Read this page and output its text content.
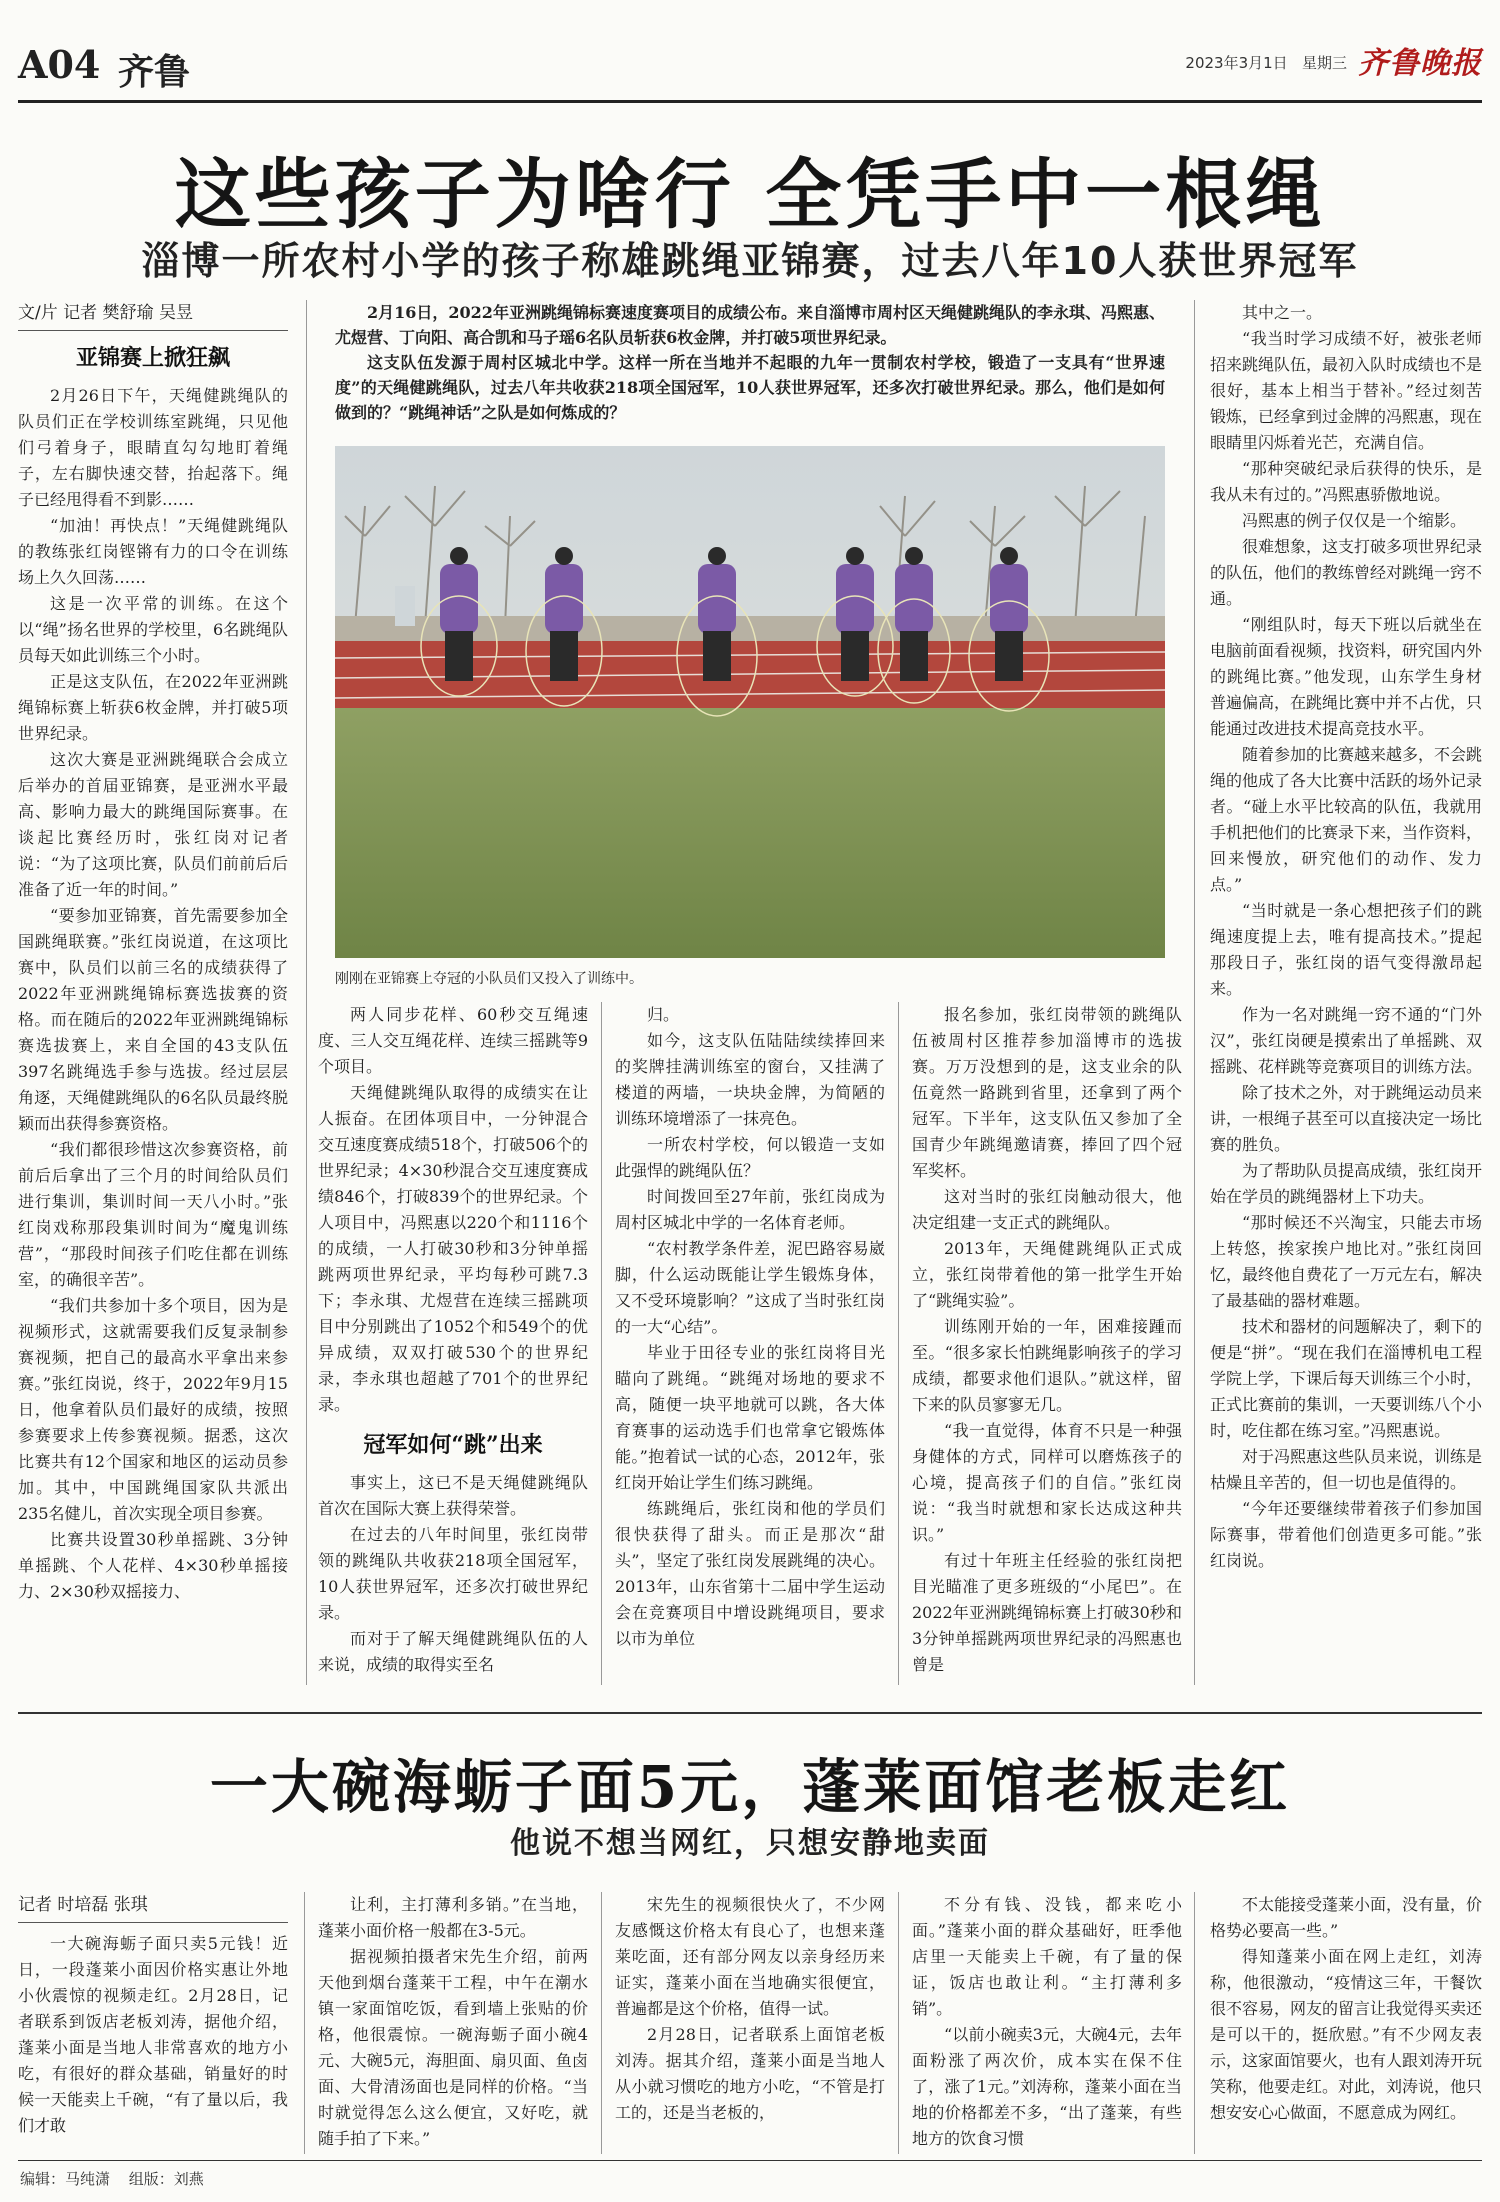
A04 齐鲁	2023年3月1日 星期三 齐鲁晚报
这些孩子为啥行 全凭手中一根绳
淄博一所农村小学的孩子称雄跳绳亚锦赛，过去八年10人获世界冠军
文/片 记者 樊舒瑜 吴昱
亚锦赛上掀狂飙

2月26日下午，天绳健跳绳队的队员们正在学校训练室跳绳，只见他们弓着身子，眼睛直勾勾地盯着绳子，左右脚快速交替，抬起落下。绳子已经甩得看不到影……

“加油！再快点！”天绳健跳绳队的教练张红岗铿锵有力的口令在训练场上久久回荡……

这是一次平常的训练。在这个以“绳”扬名世界的学校里，6名跳绳队员每天如此训练三个小时。

正是这支队伍，在2022年亚洲跳绳锦标赛上斩获6枚金牌，并打破5项世界纪录。

这次大赛是亚洲跳绳联合会成立后举办的首届亚锦赛，是亚洲水平最高、影响力最大的跳绳国际赛事。在谈起比赛经历时，张红岗对记者说：“为了这项比赛，队员们前前后后准备了近一年的时间。”

“要参加亚锦赛，首先需要参加全国跳绳联赛。”张红岗说道，在这项比赛中，队员们以前三名的成绩获得了2022年亚洲跳绳锦标赛选拔赛的资格。而在随后的2022年亚洲跳绳锦标赛选拔赛上，来自全国的43支队伍397名跳绳选手参与选拔。经过层层角逐，天绳健跳绳队的6名队员最终脱颖而出获得参赛资格。

“我们都很珍惜这次参赛资格，前前后后拿出了三个月的时间给队员们进行集训，集训时间一天八小时。”张红岗戏称那段集训时间为“魔鬼训练营”，“那段时间孩子们吃住都在训练室，的确很辛苦”。

“我们共参加十多个项目，因为是视频形式，这就需要我们反复录制参赛视频，把自己的最高水平拿出来参赛。”张红岗说，终于，2022年9月15日，他拿着队员们最好的成绩，按照参赛要求上传参赛视频。据悉，这次比赛共有12个国家和地区的运动员参加。其中，中国跳绳国家队共派出235名健儿，首次实现全项目参赛。

比赛共设置30秒单摇跳、3分钟单摇跳、个人花样、4×30秒单摇接力、2×30秒双摇接力、

2月16日，2022年亚洲跳绳锦标赛速度赛项目的成绩公布。来自淄博市周村区天绳健跳绳队的李永琪、冯熙惠、尤煜营、丁向阳、高合凯和马子瑶6名队员斩获6枚金牌，并打破5项世界纪录。

这支队伍发源于周村区城北中学。这样一所在当地并不起眼的九年一贯制农村学校，锻造了一支具有“世界速度”的天绳健跳绳队，过去八年共收获218项全国冠军，10人获世界冠军，还多次打破世界纪录。那么，他们是如何做到的？“跳绳神话”之队是如何炼成的？

刚刚在亚锦赛上夺冠的小队员们又投入了训练中。

两人同步花样、60秒交互绳速度、三人交互绳花样、连续三摇跳等9个项目。

天绳健跳绳队取得的成绩实在让人振奋。在团体项目中，一分钟混合交互速度赛成绩518个，打破506个的世界纪录；4×30秒混合交互速度赛成绩846个，打破839个的世界纪录。个人项目中，冯熙惠以220个和1116个的成绩，一人打破30秒和3分钟单摇跳两项世界纪录，平均每秒可跳7.3下；李永琪、尤煜营在连续三摇跳项目中分别跳出了1052个和549个的优异成绩，双双打破530个的世界纪录，李永琪也超越了701个的世界纪录。

冠军如何“跳”出来

事实上，这已不是天绳健跳绳队首次在国际大赛上获得荣誉。

在过去的八年时间里，张红岗带领的跳绳队共收获218项全国冠军，10人获世界冠军，还多次打破世界纪录。

而对于了解天绳健跳绳队伍的人来说，成绩的取得实至名

归。

如今，这支队伍陆陆续续捧回来的奖牌挂满训练室的窗台，又挂满了楼道的两墙，一块块金牌，为简陋的训练环境增添了一抹亮色。

一所农村学校，何以锻造一支如此强悍的跳绳队伍？

时间拨回至27年前，张红岗成为周村区城北中学的一名体育老师。

“农村教学条件差，泥巴路容易崴脚，什么运动既能让学生锻炼身体，又不受环境影响？”这成了当时张红岗的一大“心结”。

毕业于田径专业的张红岗将目光瞄向了跳绳。“跳绳对场地的要求不高，随便一块平地就可以跳，各大体育赛事的运动选手们也常拿它锻炼体能。”抱着试一试的心态，2012年，张红岗开始让学生们练习跳绳。

练跳绳后，张红岗和他的学员们很快获得了甜头。而正是那次“甜头”，坚定了张红岗发展跳绳的决心。2013年，山东省第十二届中学生运动会在竞赛项目中增设跳绳项目，要求以市为单位

报名参加，张红岗带领的跳绳队伍被周村区推荐参加淄博市的选拔赛。万万没想到的是，这支业余的队伍竟然一路跳到省里，还拿到了两个冠军。下半年，这支队伍又参加了全国青少年跳绳邀请赛，捧回了四个冠军奖杯。

这对当时的张红岗触动很大，他决定组建一支正式的跳绳队。

2013年，天绳健跳绳队正式成立，张红岗带着他的第一批学生开始了“跳绳实验”。

训练刚开始的一年，困难接踵而至。“很多家长怕跳绳影响孩子的学习成绩，都要求他们退队。”就这样，留下来的队员寥寥无几。

“我一直觉得，体育不只是一种强身健体的方式，同样可以磨炼孩子的心境，提高孩子们的自信。”张红岗说：“我当时就想和家长达成这种共识。”

有过十年班主任经验的张红岗把目光瞄准了更多班级的“小尾巴”。在2022年亚洲跳绳锦标赛上打破30秒和3分钟单摇跳两项世界纪录的冯熙惠也曾是

其中之一。

“我当时学习成绩不好，被张老师招来跳绳队伍，最初入队时成绩也不是很好，基本上相当于替补。”经过刻苦锻炼，已经拿到过金牌的冯熙惠，现在眼睛里闪烁着光芒，充满自信。

“那种突破纪录后获得的快乐，是我从未有过的。”冯熙惠骄傲地说。

冯熙惠的例子仅仅是一个缩影。

很难想象，这支打破多项世界纪录的队伍，他们的教练曾经对跳绳一窍不通。

“刚组队时，每天下班以后就坐在电脑前面看视频，找资料，研究国内外的跳绳比赛。”他发现，山东学生身材普遍偏高，在跳绳比赛中并不占优，只能通过改进技术提高竞技水平。

随着参加的比赛越来越多，不会跳绳的他成了各大比赛中活跃的场外记录者。“碰上水平比较高的队伍，我就用手机把他们的比赛录下来，当作资料，回来慢放，研究他们的动作、发力点。”

“当时就是一条心想把孩子们的跳绳速度提上去，唯有提高技术。”提起那段日子，张红岗的语气变得激昂起来。

作为一名对跳绳一窍不通的“门外汉”，张红岗硬是摸索出了单摇跳、双摇跳、花样跳等竞赛项目的训练方法。

除了技术之外，对于跳绳运动员来讲，一根绳子甚至可以直接决定一场比赛的胜负。

为了帮助队员提高成绩，张红岗开始在学员的跳绳器材上下功夫。

“那时候还不兴淘宝，只能去市场上转悠，挨家挨户地比对。”张红岗回忆，最终他自费花了一万元左右，解决了最基础的器材难题。

技术和器材的问题解决了，剩下的便是“拼”。“现在我们在淄博机电工程学院上学，下课后每天训练三个小时，正式比赛前的集训，一天要训练八个小时，吃住都在练习室。”冯熙惠说。

对于冯熙惠这些队员来说，训练是枯燥且辛苦的，但一切也是值得的。

“今年还要继续带着孩子们参加国际赛事，带着他们创造更多可能。”张红岗说。

一大碗海蛎子面5元，蓬莱面馆老板走红
他说不想当网红，只想安静地卖面
记者 时培磊 张琪

一大碗海蛎子面只卖5元钱！近日，一段蓬莱小面因价格实惠让外地小伙震惊的视频走红。2月28日，记者联系到饭店老板刘涛，据他介绍，蓬莱小面是当地人非常喜欢的地方小吃，有很好的群众基础，销量好的时候一天能卖上千碗，“有了量以后，我们才敢

让利，主打薄利多销。”在当地，蓬莱小面价格一般都在3-5元。

据视频拍摄者宋先生介绍，前两天他到烟台蓬莱干工程，中午在潮水镇一家面馆吃饭，看到墙上张贴的价格，他很震惊。一碗海蛎子面小碗4元、大碗5元，海胆面、扇贝面、鱼卤面、大骨清汤面也是同样的价格。“当时就觉得怎么这么便宜，又好吃，就随手拍了下来。”

宋先生的视频很快火了，不少网友感慨这价格太有良心了，也想来蓬莱吃面，还有部分网友以亲身经历来证实，蓬莱小面在当地确实很便宜，普遍都是这个价格，值得一试。

2月28日，记者联系上面馆老板刘涛。据其介绍，蓬莱小面是当地人从小就习惯吃的地方小吃，“不管是打工的，还是当老板的，

不分有钱、没钱，都来吃小面。”蓬莱小面的群众基础好，旺季他店里一天能卖上千碗，有了量的保证，饭店也敢让利。“主打薄利多销”。

“以前小碗卖3元，大碗4元，去年面粉涨了两次价，成本实在保不住了，涨了1元。”刘涛称，蓬莱小面在当地的价格都差不多，“出了蓬莱，有些地方的饮食习惯

不太能接受蓬莱小面，没有量，价格势必要高一些。”

得知蓬莱小面在网上走红，刘涛称，他很激动，“疫情这三年，干餐饮很不容易，网友的留言让我觉得买卖还是可以干的，挺欣慰。”有不少网友表示，这家面馆要火，也有人跟刘涛开玩笑称，他要走红。对此，刘涛说，他只想安安心心做面，不愿意成为网红。

编辑：马纯潇 组版：刘燕
